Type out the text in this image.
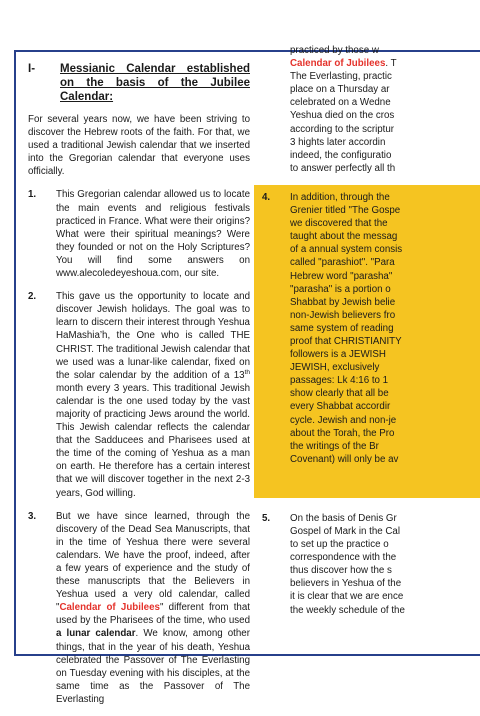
I-	Messianic Calendar established on the basis of the Jubilee Calendar:

For several years now, we have been striving to discover the Hebrew roots of the faith. For that, we used a traditional Jewish calendar that we inserted into the Gregorian calendar that everyone uses officially.

1.	This Gregorian calendar allowed us to locate the main events and religious festivals practiced in France. What were their origins? What were their spiritual meanings? Were they founded or not on the Holy Scriptures? You will find some answers on www.alecoledeyeshoua.com, our site.
2.	This gave us the opportunity to locate and discover Jewish holidays. The goal was to learn to discern their interest through Yeshua HaMashia’h, the One who is called THE CHRIST. The traditional Jewish calendar that we used was a lunar-like calendar, fixed on the solar calendar by the addition of a 13th month every 3 years. This traditional Jewish calendar is the one used today by the vast majority of practicing Jews around the world. This Jewish calendar reflects the calendar that the Sadducees and Pharisees used at the time of the coming of Yeshua as a man on earth. He therefore has a certain interest that we will discover together in the next 2-3 years, God willing.
3.	But we have since learned, through the discovery of the Dead Sea Manuscripts, that in the time of Yeshua there were several calendars. We have the proof, indeed, after a few years of experience and the study of these manuscripts that the Believers in Yeshua used a very old calendar, called "Calendar of Jubilees" different from that used by the Pharisees of the time, who used a lunar calendar. We know, among other things, that in the year of his death, Yeshua celebrated the Passover of The Everlasting on Tuesday evening with his disciples, at the same time as the Passover of The Everlasting
practiced by those w
Calendar of Jubilees. T
The Everlasting, practic
place on a Thursday ar
celebrated on a Wedne
Yeshua died on the cros
according to the scriptur
3 hights later accordin
indeed, the configuratio
to answer perfectly all th
4.	In addition, through the
Grenier titled "The Gospe
we discovered that the
taught about the messag
of a annual system consis
called "parashiot". "Para
Hebrew word "parasha"
"parasha" is a portion o
Shabbat by Jewish belie
non-Jewish believers fro
same system of reading
proof that CHRISTIANITY
followers is a JEWISH
JEWISH, exclusively
passages: Lk 4:16 to 1
show clearly that all be
every Shabbat accordir
cycle. Jewish and non-je
about the Torah, the Pro
the writings of the Br
Covenant) will only be av
5.	On the basis of Denis Gr
Gospel of Mark in the Cal
to set up the practice o
correspondence with the
thus discover how the s
believers in Yeshua of the
it is clear that we are ence
the weekly schedule of the
